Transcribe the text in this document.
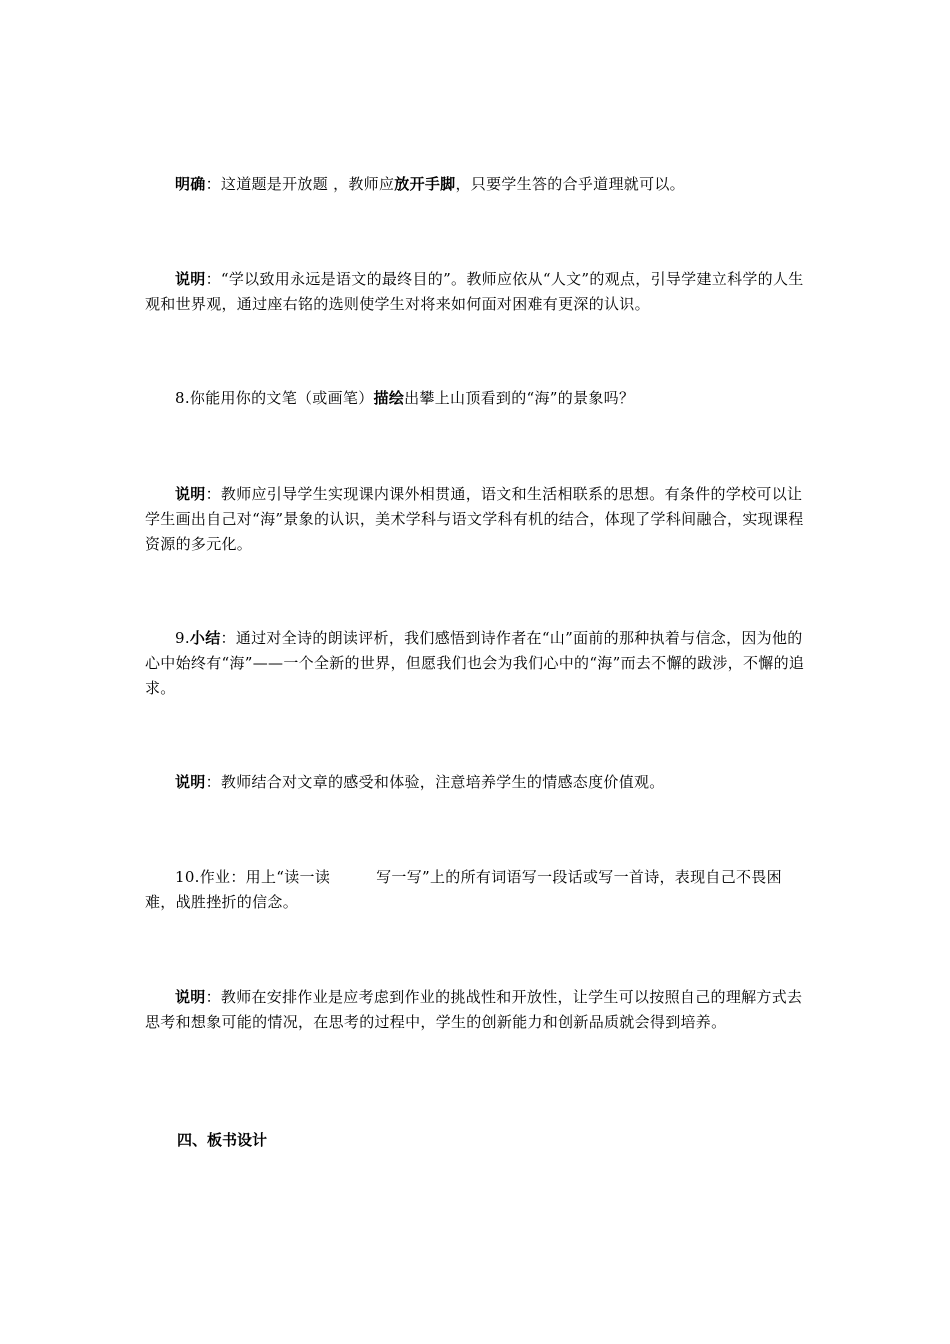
明确：这道题是开放题 ，教师应放开手脚，只要学生答的合乎道理就可以。
说明：“学以致用永远是语文的最终目的”。教师应依从“人文”的观点，引导学建立科学的人生观和世界观，通过座右铭的选则使学生对将来如何面对困难有更深的认识。
8.你能用你的文笔（或画笔）描绘出攀上山顶看到的“海”的景象吗？
说明：教师应引导学生实现课内课外相贯通，语文和生活相联系的思想。有条件的学校可以让学生画出自己对“海”景象的认识，美术学科与语文学科有机的结合，体现了学科间融合，实现课程资源的多元化。
9.小结：通过对全诗的朗读评析，我们感悟到诗作者在“山”面前的那种执着与信念，因为他的心中始终有“海”——一个全新的世界，但愿我们也会为我们心中的“海”而去不懈的跋涉，不懈的追求。
说明：教师结合对文章的感受和体验，注意培养学生的情感态度价值观。
10.作业：用上“读一读	写一写”上的所有词语写一段话或写一首诗，表现自己不畏困难，战胜挫折的信念。
说明：教师在安排作业是应考虑到作业的挑战性和开放性，让学生可以按照自己的理解方式去思考和想象可能的情况，在思考的过程中，学生的创新能力和创新品质就会得到培养。
四、板书设计
